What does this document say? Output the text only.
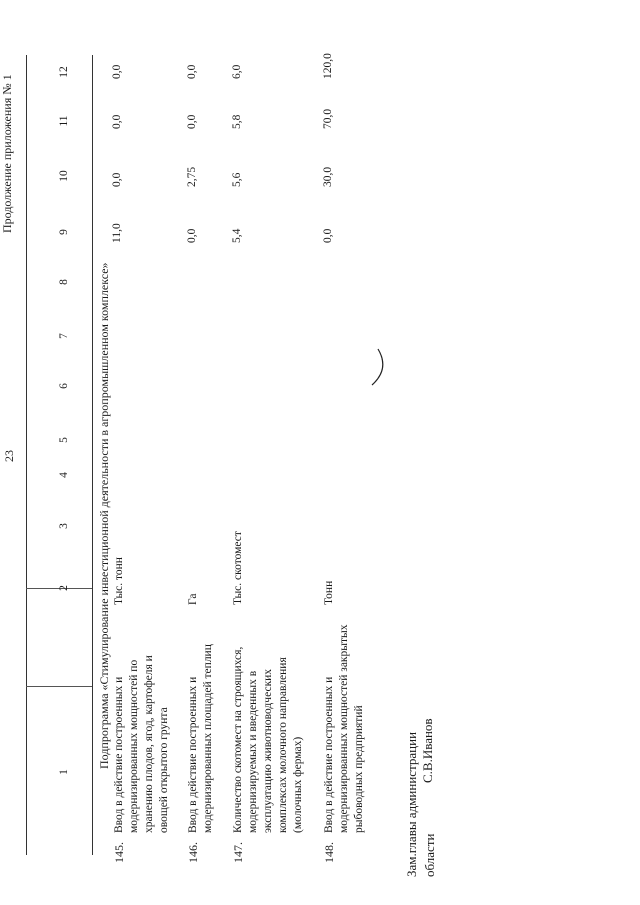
23
Продолжение приложения № 1
1
2
3
4
5
6
7
8
9
10
11
12
Подпрограмма «Стимулирование инвестиционной деятельности в агропромышленном комплексе»
145.
Ввод в действие построенных и модернизированных мощностей по хранению плодов, ягод, картофеля и овощей открытого грунта
Тыс. тонн
11,0
0,0
0,0
0,0
146.
Ввод в действие построенных и модернизированных площадей теплиц
Га
0,0
2,75
0,0
0,0
147.
Количество скотомест на строящихся, модернизируемых и введенных в эксплуатацию животноводческих комплексах молочного направления (молочных фермах)
Тыс. скотомест
5,4
5,6
5,8
6,0
148.
Ввод в действие построенных и модернизированных мощностей закрытых рыбоводных предприятий
Тонн
0,0
30,0
70,0
120,0
Зам.главы администрации области
С.В.Иванов
